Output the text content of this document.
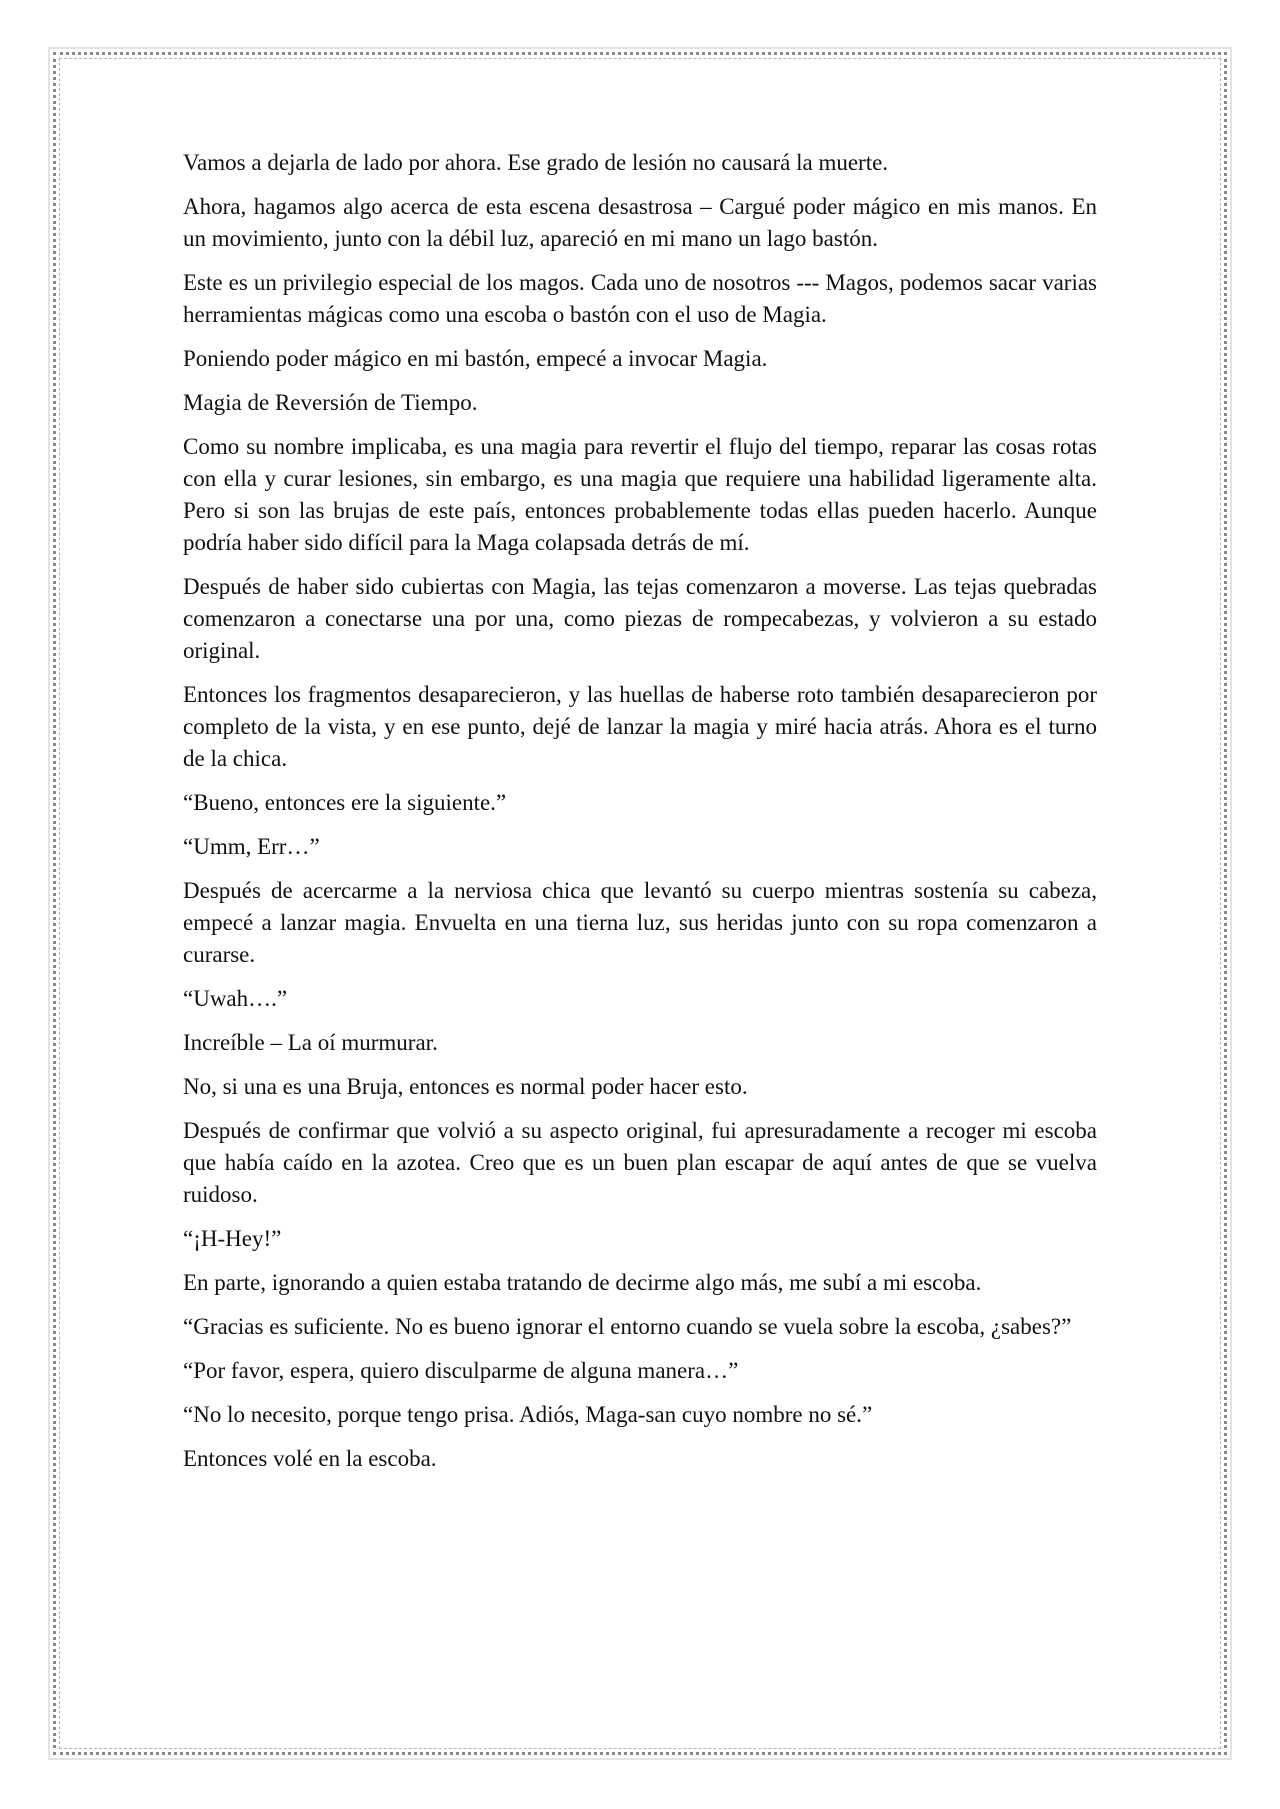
Vamos a dejarla de lado por ahora. Ese grado de lesión no causará la muerte.

Ahora, hagamos algo acerca de esta escena desastrosa – Cargué poder mágico en mis manos. En un movimiento, junto con la débil luz, apareció en mi mano un lago bastón.

Este es un privilegio especial de los magos. Cada uno de nosotros --- Magos, podemos sacar varias herramientas mágicas como una escoba o bastón con el uso de Magia.

Poniendo poder mágico en mi bastón, empecé a invocar Magia.

Magia de Reversión de Tiempo.

Como su nombre implicaba, es una magia para revertir el flujo del tiempo, reparar las cosas rotas con ella y curar lesiones, sin embargo, es una magia que requiere una habilidad ligeramente alta. Pero si son las brujas de este país, entonces probablemente todas ellas pueden hacerlo. Aunque podría haber sido difícil para la Maga colapsada detrás de mí.

Después de haber sido cubiertas con Magia, las tejas comenzaron a moverse. Las tejas quebradas comenzaron a conectarse una por una, como piezas de rompecabezas, y volvieron a su estado original.

Entonces los fragmentos desaparecieron, y las huellas de haberse roto también desaparecieron por completo de la vista, y en ese punto, dejé de lanzar la magia y miré hacia atrás. Ahora es el turno de la chica.

“Bueno, entonces ere la siguiente.”

“Umm, Err…”

Después de acercarme a la nerviosa chica que levantó su cuerpo mientras sostenía su cabeza, empecé a lanzar magia. Envuelta en una tierna luz, sus heridas junto con su ropa comenzaron a curarse.

“Uwah….”

Increíble – La oí murmurar.

No, si una es una Bruja, entonces es normal poder hacer esto.

Después de confirmar que volvió a su aspecto original, fui apresuradamente a recoger mi escoba que había caído en la azotea. Creo que es un buen plan escapar de aquí antes de que se vuelva ruidoso.

“¡H-Hey!”

En parte, ignorando a quien estaba tratando de decirme algo más, me subí a mi escoba.

“Gracias es suficiente. No es bueno ignorar el entorno cuando se vuela sobre la escoba, ¿sabes?”

“Por favor, espera, quiero disculparme de alguna manera…”

“No lo necesito, porque tengo prisa. Adiós, Maga-san cuyo nombre no sé.”

Entonces volé en la escoba.
